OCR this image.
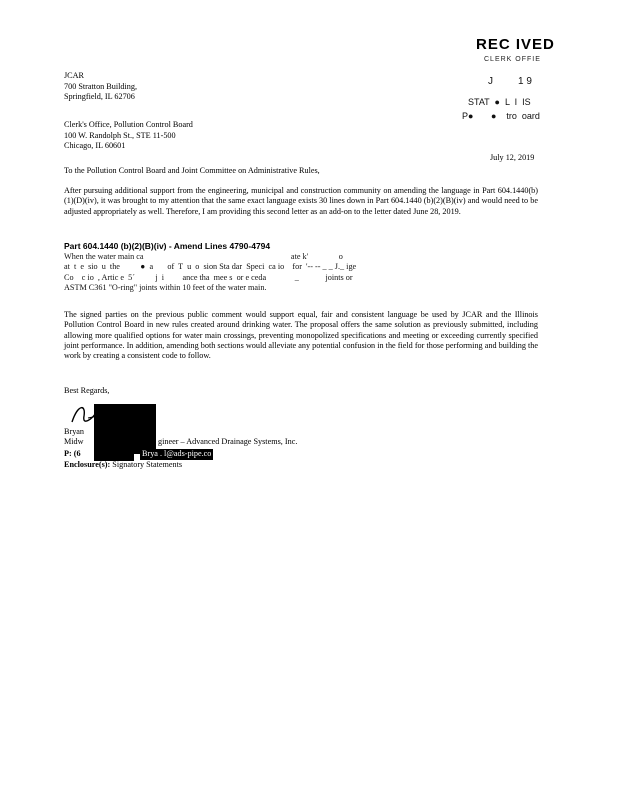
REC IVED
CLERK OFFIE
J         1 9
STAT  ●  L  I  IS
P●       ●    tro  oard
JCAR
700 Stratton Building,
Springfield, IL 62706
Clerk's Office, Pollution Control Board
100 W. Randolph St., STE 11-500
Chicago, IL 60601
July 12, 2019
To the Pollution Control Board and Joint Committee on Administrative Rules,
After pursuing additional support from the engineering, municipal and construction community on amending the language in Part 604.1440(b)(1)(D)(iv), it was brought to my attention that the same exact language exists 30 lines down in Part 604.1440 (b)(2)(B)(iv) and would need to be adjusted appropriately as well. Therefore, I am providing this second letter as an add-on to the letter dated June 28, 2019.
Part 604.1440 (b)(2)(B)(iv) - Amend Lines 4790-4794
When the water main ca                                                                        ate k'               o
at  t  e  sio  u  the          ●  a       of  T  u  o  sion Sta dar  Speci  ca io    for  '-- -- _ _ J._ ige
Co    c io  , Artic e  5´          j  i         ance tha  mee s  or e ceda              _             joints or
ASTM C361 "O-ring" joints within 10 feet of the water main.
The signed parties on the previous public comment would support equal, fair and consistent language be used by JCAR and the Illinois Pollution Control Board in new rules created around drinking water. The proposal offers the same solution as previously submitted, including allowing more qualified options for water main crossings, preventing monopolized specifications and meeting or exceeding currently specified joint performance. In addition, amending both sections would alleviate any potential confusion in the field for those performing and building the work by creating a consistent code to follow.
Best Regards,
Bryan
Midw	gineer – Advanced Drainage Systems, Inc.
P: (6	Brya . l@ads-pipe.co
Enclosure(s): Signatory Statements
